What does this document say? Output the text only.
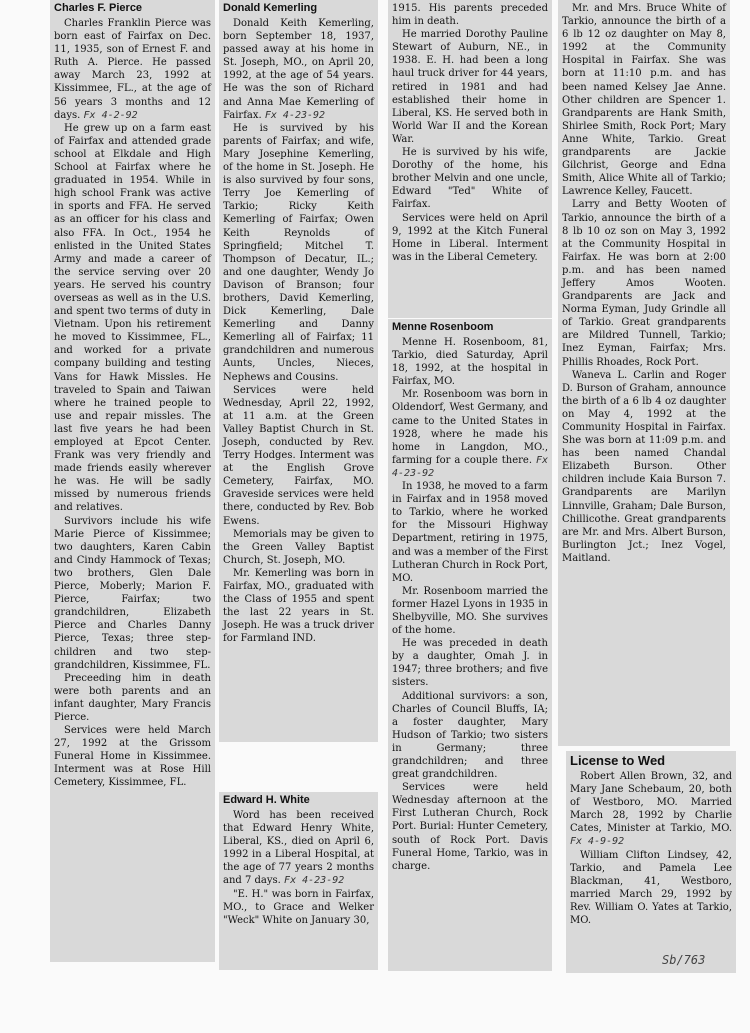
Charles F. Pierce

Charles Franklin Pierce was born east of Fairfax on Dec. 11, 1935, son of Ernest F. and Ruth A. Pierce. He passed away March 23, 1992 at Kissimmee, FL., at the age of 56 years 3 months and 12 days. Fx 4-2-92

He grew up on a farm east of Fairfax and attended grade school at Elkdale and High School at Fairfax where he graduated in 1954. While in high school Frank was active in sports and FFA. He served as an officer for his class and also FFA. In Oct., 1954 he enlisted in the United States Army and made a career of the service serving over 20 years. He served his country overseas as well as in the U.S. and spent two terms of duty in Vietnam. Upon his retirement he moved to Kissimmee, FL., and worked for a private company building and testing Vans for Hawk Missles. He traveled to Spain and Taiwan where he trained people to use and repair missles. The last five years he had been employed at Epcot Center. Frank was very friendly and made friends easily wherever he was. He will be sadly missed by numerous friends and relatives.

Survivors include his wife Marie Pierce of Kissimmee; two daughters, Karen Cabin and Cindy Hammock of Texas; two brothers, Glen Dale Pierce, Moberly; Marion F. Pierce, Fairfax; two grandchildren, Elizabeth Pierce and Charles Danny Pierce, Texas; three step-children and two step-grandchildren, Kissimmee, FL.

Preceeding him in death were both parents and an infant daughter, Mary Francis Pierce.

Services were held March 27, 1992 at the Grissom Funeral Home in Kissimmee. Interment was at Rose Hill Cemetery, Kissimmee, FL.

Donald Kemerling

Donald Keith Kemerling, born September 18, 1937, passed away at his home in St. Joseph, MO., on April 20, 1992, at the age of 54 years. He was the son of Richard and Anna Mae Kemerling of Fairfax. Fx 4-23-92

He is survived by his parents of Fairfax; and wife, Mary Josephine Kemerling, of the home in St. Joseph. He is also survived by four sons, Terry Joe Kemerling of Tarkio; Ricky Keith Kemerling of Fairfax; Owen Keith Reynolds of Springfield; Mitchel T. Thompson of Decatur, IL.; and one daughter, Wendy Jo Davison of Branson; four brothers, David Kemerling, Dick Kemerling, Dale Kemerling and Danny Kemerling all of Fairfax; 11 grandchildren and numerous Aunts, Uncles, Nieces, Nephews and Cousins.

Services were held Wednesday, April 22, 1992, at 11 a.m. at the Green Valley Baptist Church in St. Joseph, conducted by Rev. Terry Hodges. Interment was at the English Grove Cemetery, Fairfax, MO. Graveside services were held there, conducted by Rev. Bob Ewens.

Memorials may be given to the Green Valley Baptist Church, St. Joseph, MO.

Mr. Kemerling was born in Fairfax, MO., graduated with the Class of 1955 and spent the last 22 years in St. Joseph. He was a truck driver for Farmland IND.

Edward H. White

Word has been received that Edward Henry White, Liberal, KS., died on April 6, 1992 in a Liberal Hospital, at the age of 77 years 2 months and 7 days. Fx 4-23-92

"E. H." was born in Fairfax, MO., to Grace and Welker "Weck" White on January 30,

1915. His parents preceded him in death.

He married Dorothy Pauline Stewart of Auburn, NE., in 1938. E. H. had been a long haul truck driver for 44 years, retired in 1981 and had established their home in Liberal, KS. He served both in World War II and the Korean War.

He is survived by his wife, Dorothy of the home, his brother Melvin and one uncle, Edward "Ted" White of Fairfax.

Services were held on April 9, 1992 at the Kitch Funeral Home in Liberal. Interment was in the Liberal Cemetery.

Menne Rosenboom

Menne H. Rosenboom, 81, Tarkio, died Saturday, April 18, 1992, at the hospital in Fairfax, MO.

Mr. Rosenboom was born in Oldendorf, West Germany, and came to the United States in 1928, where he made his home in Langdon, MO., farming for a couple there. Fx 4-23-92

In 1938, he moved to a farm in Fairfax and in 1958 moved to Tarkio, where he worked for the Missouri Highway Department, retiring in 1975, and was a member of the First Lutheran Church in Rock Port, MO.

Mr. Rosenboom married the former Hazel Lyons in 1935 in Shelbyville, MO. She survives of the home.

He was preceded in death by a daughter, Omah J. in 1947; three brothers; and five sisters.

Additional survivors: a son, Charles of Council Bluffs, IA; a foster daughter, Mary Hudson of Tarkio; two sisters in Germany; three grandchildren; and three great grandchildren.

Services were held Wednesday afternoon at the First Lutheran Church, Rock Port. Burial: Hunter Cemetery, south of Rock Port. Davis Funeral Home, Tarkio, was in charge.

Mr. and Mrs. Bruce White of Tarkio, announce the birth of a 6 lb 12 oz daughter on May 8, 1992 at the Community Hospital in Fairfax. She was born at 11:10 p.m. and has been named Kelsey Jae Anne. Other children are Spencer 1. Grandparents are Hank Smith, Shirlee Smith, Rock Port; Mary Anne White, Tarkio. Great grandparents are Jackie Gilchrist, George and Edna Smith, Alice White all of Tarkio; Lawrence Kelley, Faucett.

Larry and Betty Wooten of Tarkio, announce the birth of a 8 lb 10 oz son on May 3, 1992 at the Community Hospital in Fairfax. He was born at 2:00 p.m. and has been named Jeffery Amos Wooten. Grandparents are Jack and Norma Eyman, Judy Grindle all of Tarkio. Great grandparents are Mildred Tunnell, Tarkio; Inez Eyman, Fairfax; Mrs. Phillis Rhoades, Rock Port.

Waneva L. Carlin and Roger D. Burson of Graham, announce the birth of a 6 lb 4 oz daughter on May 4, 1992 at the Community Hospital in Fairfax. She was born at 11:09 p.m. and has been named Chandal Elizabeth Burson. Other children include Kaia Burson 7. Grandparents are Marilyn Linnville, Graham; Dale Burson, Chillicothe. Great grandparents are Mr. and Mrs. Albert Burson, Burlington Jct.; Inez Vogel, Maitland.

License to Wed

Robert Allen Brown, 32, and Mary Jane Schebaum, 20, both of Westboro, MO. Married March 28, 1992 by Charlie Cates, Minister at Tarkio, MO. Fx 4-9-92

William Clifton Lindsey, 42, Tarkio, and Pamela Lee Blackman, 41, Westboro, married March 29, 1992 by Rev. William O. Yates at Tarkio, MO.

Sb/763
